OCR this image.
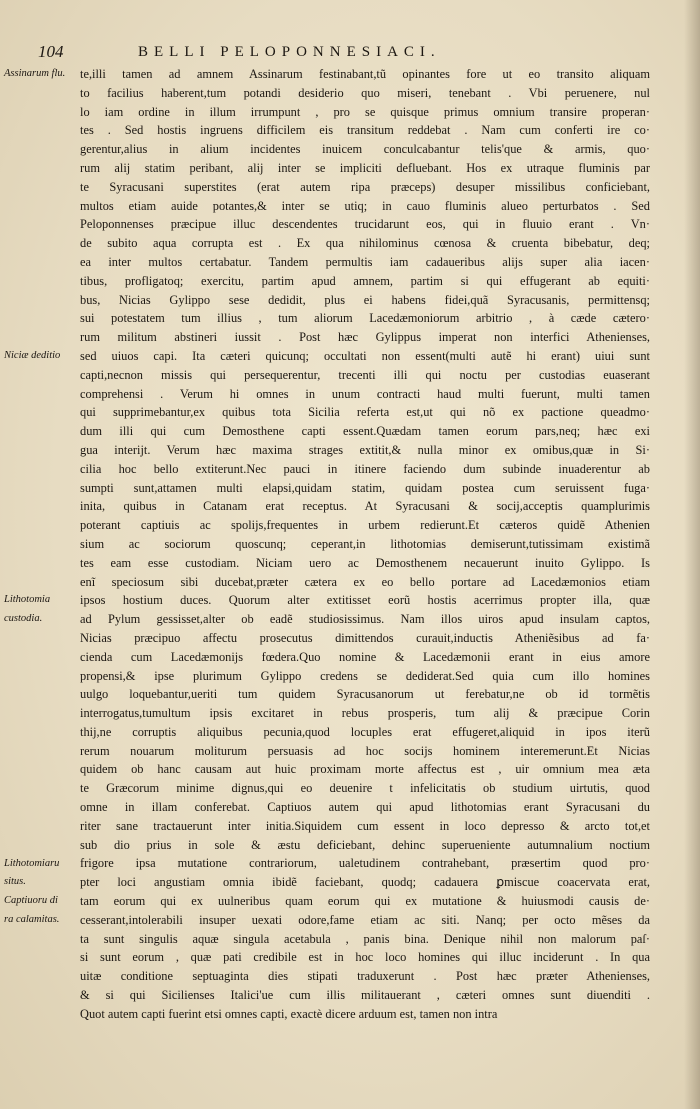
104	BELLI PELOPONNESIACI.
Assinarum flu.
Niciæ deditio
Lithotomia
custodia.
Lithotomiaru
situs.
Captiuoru di
ra calamitas.
te,illi tamen ad amnem Assinarum festinabant,tũ opinantes fore ut eo transito aliquam
to facilius haberent,tum potandi desiderio quo miseri, tenebant . Vbi peruenere, nul
lo iam ordine in illum irrumpunt , pro se quisque primus omnium transire properan·
tes . Sed hostis ingruens difficilem eis transitum reddebat . Nam cum conferti ire co·
gerentur,alius in alium incidentes inuicem conculcabantur telis'que & armis, quo·
rum alij statim peribant, alij inter se impliciti defluebant. Hos ex utraque fluminis par
te Syracusani superstites (erat autem ripa præceps) desuper missilibus conficiebant,
multos etiam auide potantes,& inter se utiq; in cauo fluminis alueo perturbatos . Sed
Peloponnenses præcipue illuc descendentes trucidarunt eos, qui in fluuio erant . Vn·
de subito aqua corrupta est . Ex qua nihilominus cœnosa & cruenta bibebatur, deq;
ea inter multos certabatur. Tandem permultis iam cadaueribus alijs super alia iacen·
tibus, profligatoq; exercitu, partim apud amnem, partim si qui effugerant ab equiti·
bus, Nicias Gylippo sese dedidit, plus ei habens fidei,quã Syracusanis, permittensq;
sui potestatem tum illius , tum aliorum Lacedæmoniorum arbitrio , à cæde cætero·
rum militum abstineri iussit . Post hæc Gylippus imperat non interfici Athenienses,
sed uiuos capi. Ita cæteri quicunq; occultati non essent(multi autẽ hi erant) uiui sunt
capti,necnon missis qui persequerentur, trecenti illi qui noctu per custodias euaserant
comprehensi . Verum hi omnes in unum contracti haud multi fuerunt, multi tamen
qui supprimebantur,ex quibus tota Sicilia referta est,ut qui nõ ex pactione queadmo·
dum illi qui cum Demosthene capti essent.Quædam tamen eorum pars,neq; hæc exi
gua interijt. Verum hæc maxima strages extitit,& nulla minor ex omibus,quæ in Si·
cilia hoc bello extiterunt.Nec pauci in itinere faciendo dum subinde inuaderentur ab
sumpti sunt,attamen multi elapsi,quidam statim, quidam postea cum seruissent fuga·
inita, quibus in Catanam erat receptus. At Syracusani & socij,acceptis quamplurimis
poterant captiuis ac spolijs,frequentes in urbem redierunt.Et cæteros quidẽ Athenien
sium ac sociorum quoscunq; ceperant,in lithotomias demiserunt,tutissimam existimã
tes eam esse custodiam. Niciam uero ac Demosthenem necauerunt inuito Gylippo. Is
enĩ speciosum sibi ducebat,præter cætera ex eo bello portare ad Lacedæmonios etiam
ipsos hostium duces. Quorum alter extitisset eorũ hostis acerrimus propter illa, quæ
ad Pylum gessisset,alter ob eadẽ studiosissimus. Nam illos uiros apud insulam captos,
Nicias præcipuo affectu prosecutus dimittendos curauit,inductis Atheniẽsibus ad fa·
cienda cum Lacedæmonijs fœdera.Quo nomine & Lacedæmonii erant in eius amore
propensi,& ipse plurimum Gylippo credens se dediderat.Sed quia cum illo homines
uulgo loquebantur,ueriti tum quidem Syracusanorum ut ferebatur,ne ob id tormẽtis
interrogatus,tumultum ipsis excitaret in rebus prosperis, tum alij & præcipue Corin
thij,ne corruptis aliquibus pecunia,quod locuples erat effugeret,aliquid in ipos iterũ
rerum nouarum moliturum persuasis ad hoc socijs hominem interemerunt.Et Nicias
quidem ob hanc causam aut huic proximam morte affectus est , uir omnium mea ætа
te Græcorum minime dignus,qui eo deuenire t infelicitatis ob studium uirtutis, quod
omne in illam conferebat. Captiuos autem qui apud lithotomias erant Syracusani du
riter sane tractauerunt inter initia.Siquidem cum essent in loco depresso & arcto tot,et
sub dio prius in sole & æstu deficiebant, dehinc superueniente autumnalium noctium
frigore ipsa mutatione contrariorum, ualetudinem contrahebant, præsertim quod pro·
pter loci angustiam omnia ibidẽ faciebant, quodq; cadauera ꝑmiscue coacervata erat,
tam eorum qui ex uulneribus quam eorum qui ex mutatione & huiusmodi causis de·
cesserant,intolerabili insuper uexati odore,fame etiam ac siti. Nanq; per octo mẽses da
ta sunt singulis aquæ singula acetabula , panis bina. Denique nihil non malorum paſ·
si sunt eorum , quæ pati credibile est in hoc loco homines qui illuc inciderunt . In qua
uitæ conditione septuaginta dies stipati traduxerunt . Post hæc præter Athenienses,
& si qui Sicilienses Italici'ue cum illis militauerant , cæteri omnes sunt diuenditi .
Quot autem capti fuerint etsi omnes capti, exactè dicere arduum est, tamen non intra
